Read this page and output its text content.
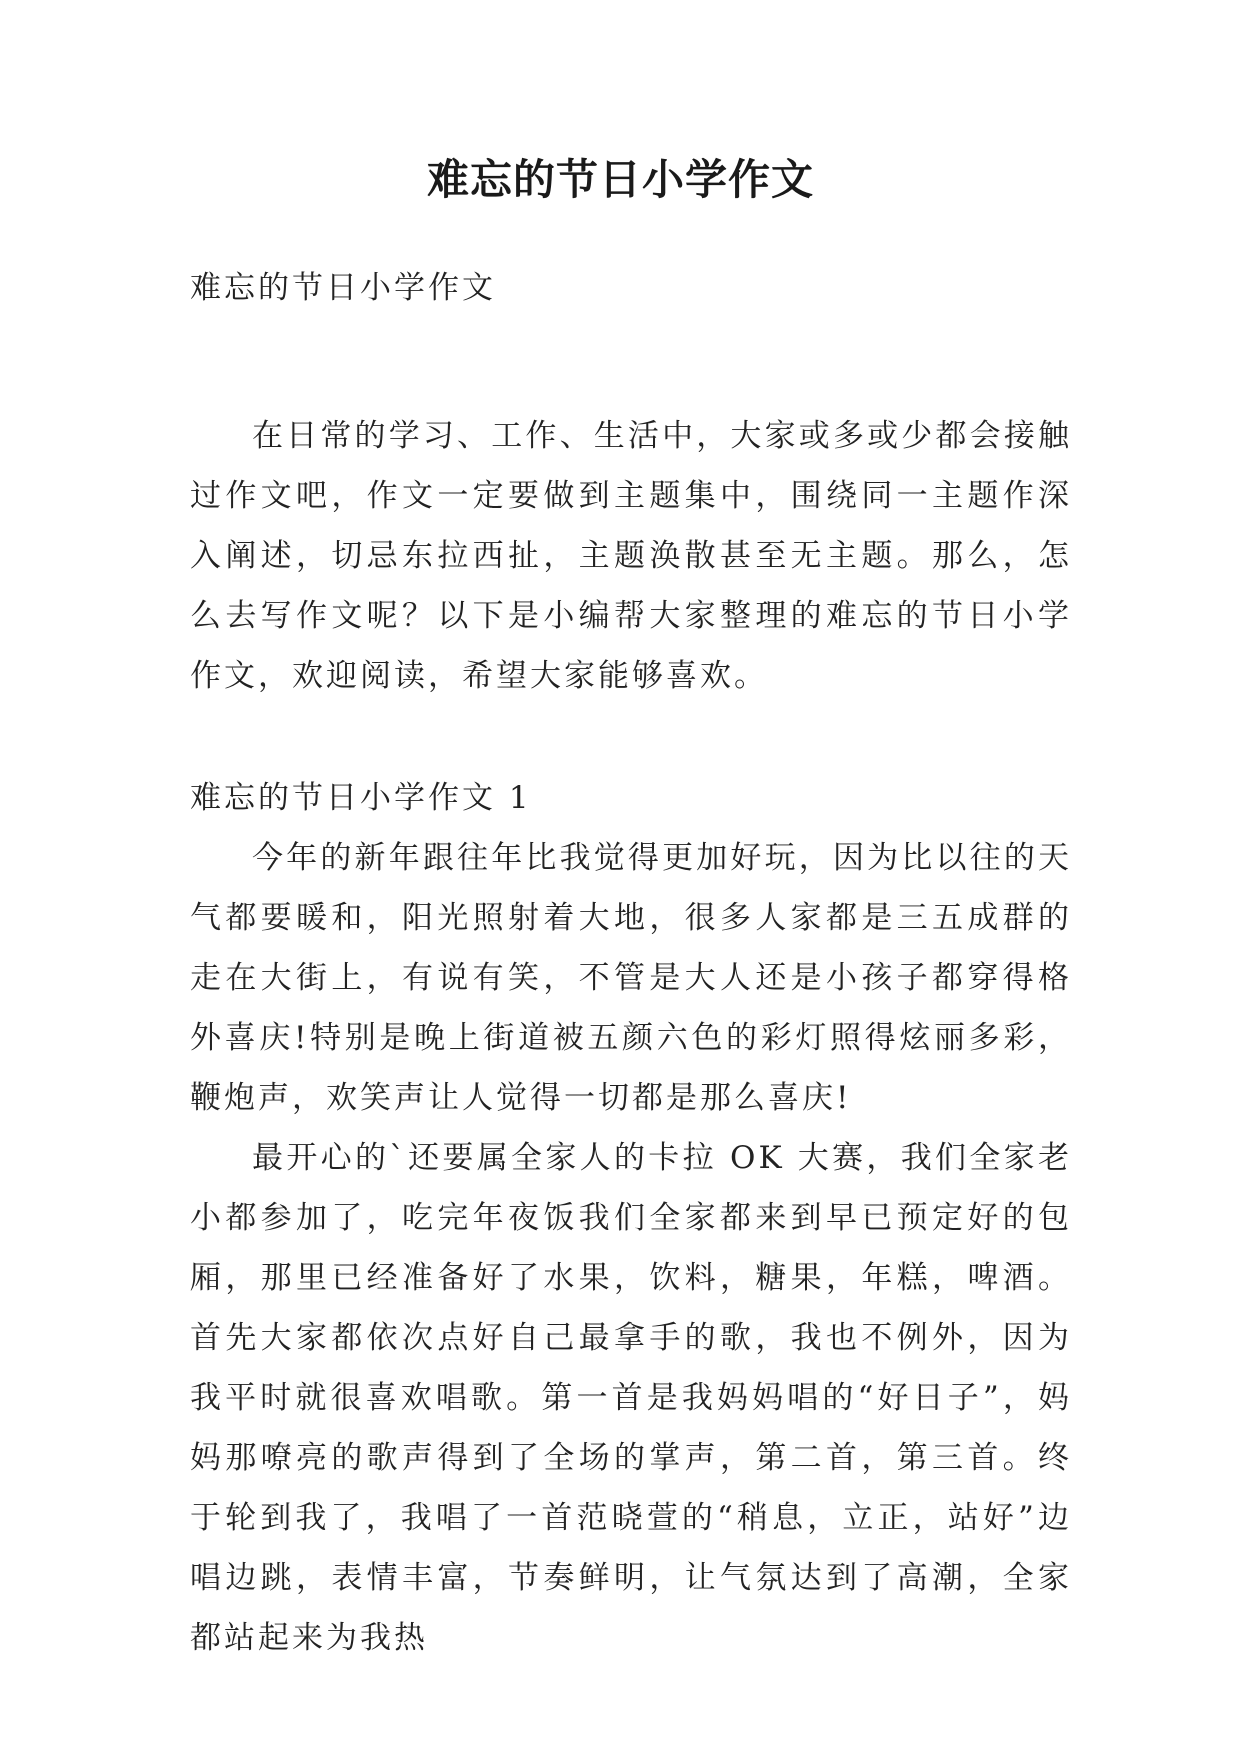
难忘的节日小学作文
难忘的节日小学作文

在日常的学习、工作、生活中，大家或多或少都会接触过作文吧，作文一定要做到主题集中，围绕同一主题作深入阐述，切忌东拉西扯，主题涣散甚至无主题。那么，怎么去写作文呢？以下是小编帮大家整理的难忘的节日小学作文，欢迎阅读，希望大家能够喜欢。

难忘的节日小学作文 1

今年的新年跟往年比我觉得更加好玩，因为比以往的天气都要暖和，阳光照射着大地，很多人家都是三五成群的走在大街上，有说有笑，不管是大人还是小孩子都穿得格外喜庆!特别是晚上街道被五颜六色的彩灯照得炫丽多彩，鞭炮声，欢笑声让人觉得一切都是那么喜庆!

最开心的`还要属全家人的卡拉 OK 大赛，我们全家老小都参加了，吃完年夜饭我们全家都来到早已预定好的包厢，那里已经准备好了水果，饮料，糖果，年糕，啤酒。首先大家都依次点好自己最拿手的歌，我也不例外，因为我平时就很喜欢唱歌。第一首是我妈妈唱的“好日子”，妈妈那嘹亮的歌声得到了全场的掌声，第二首，第三首。终于轮到我了，我唱了一首范晓萱的“稍息，立正，站好”边唱边跳，表情丰富，节奏鲜明，让气氛达到了高潮，全家都站起来为我热
